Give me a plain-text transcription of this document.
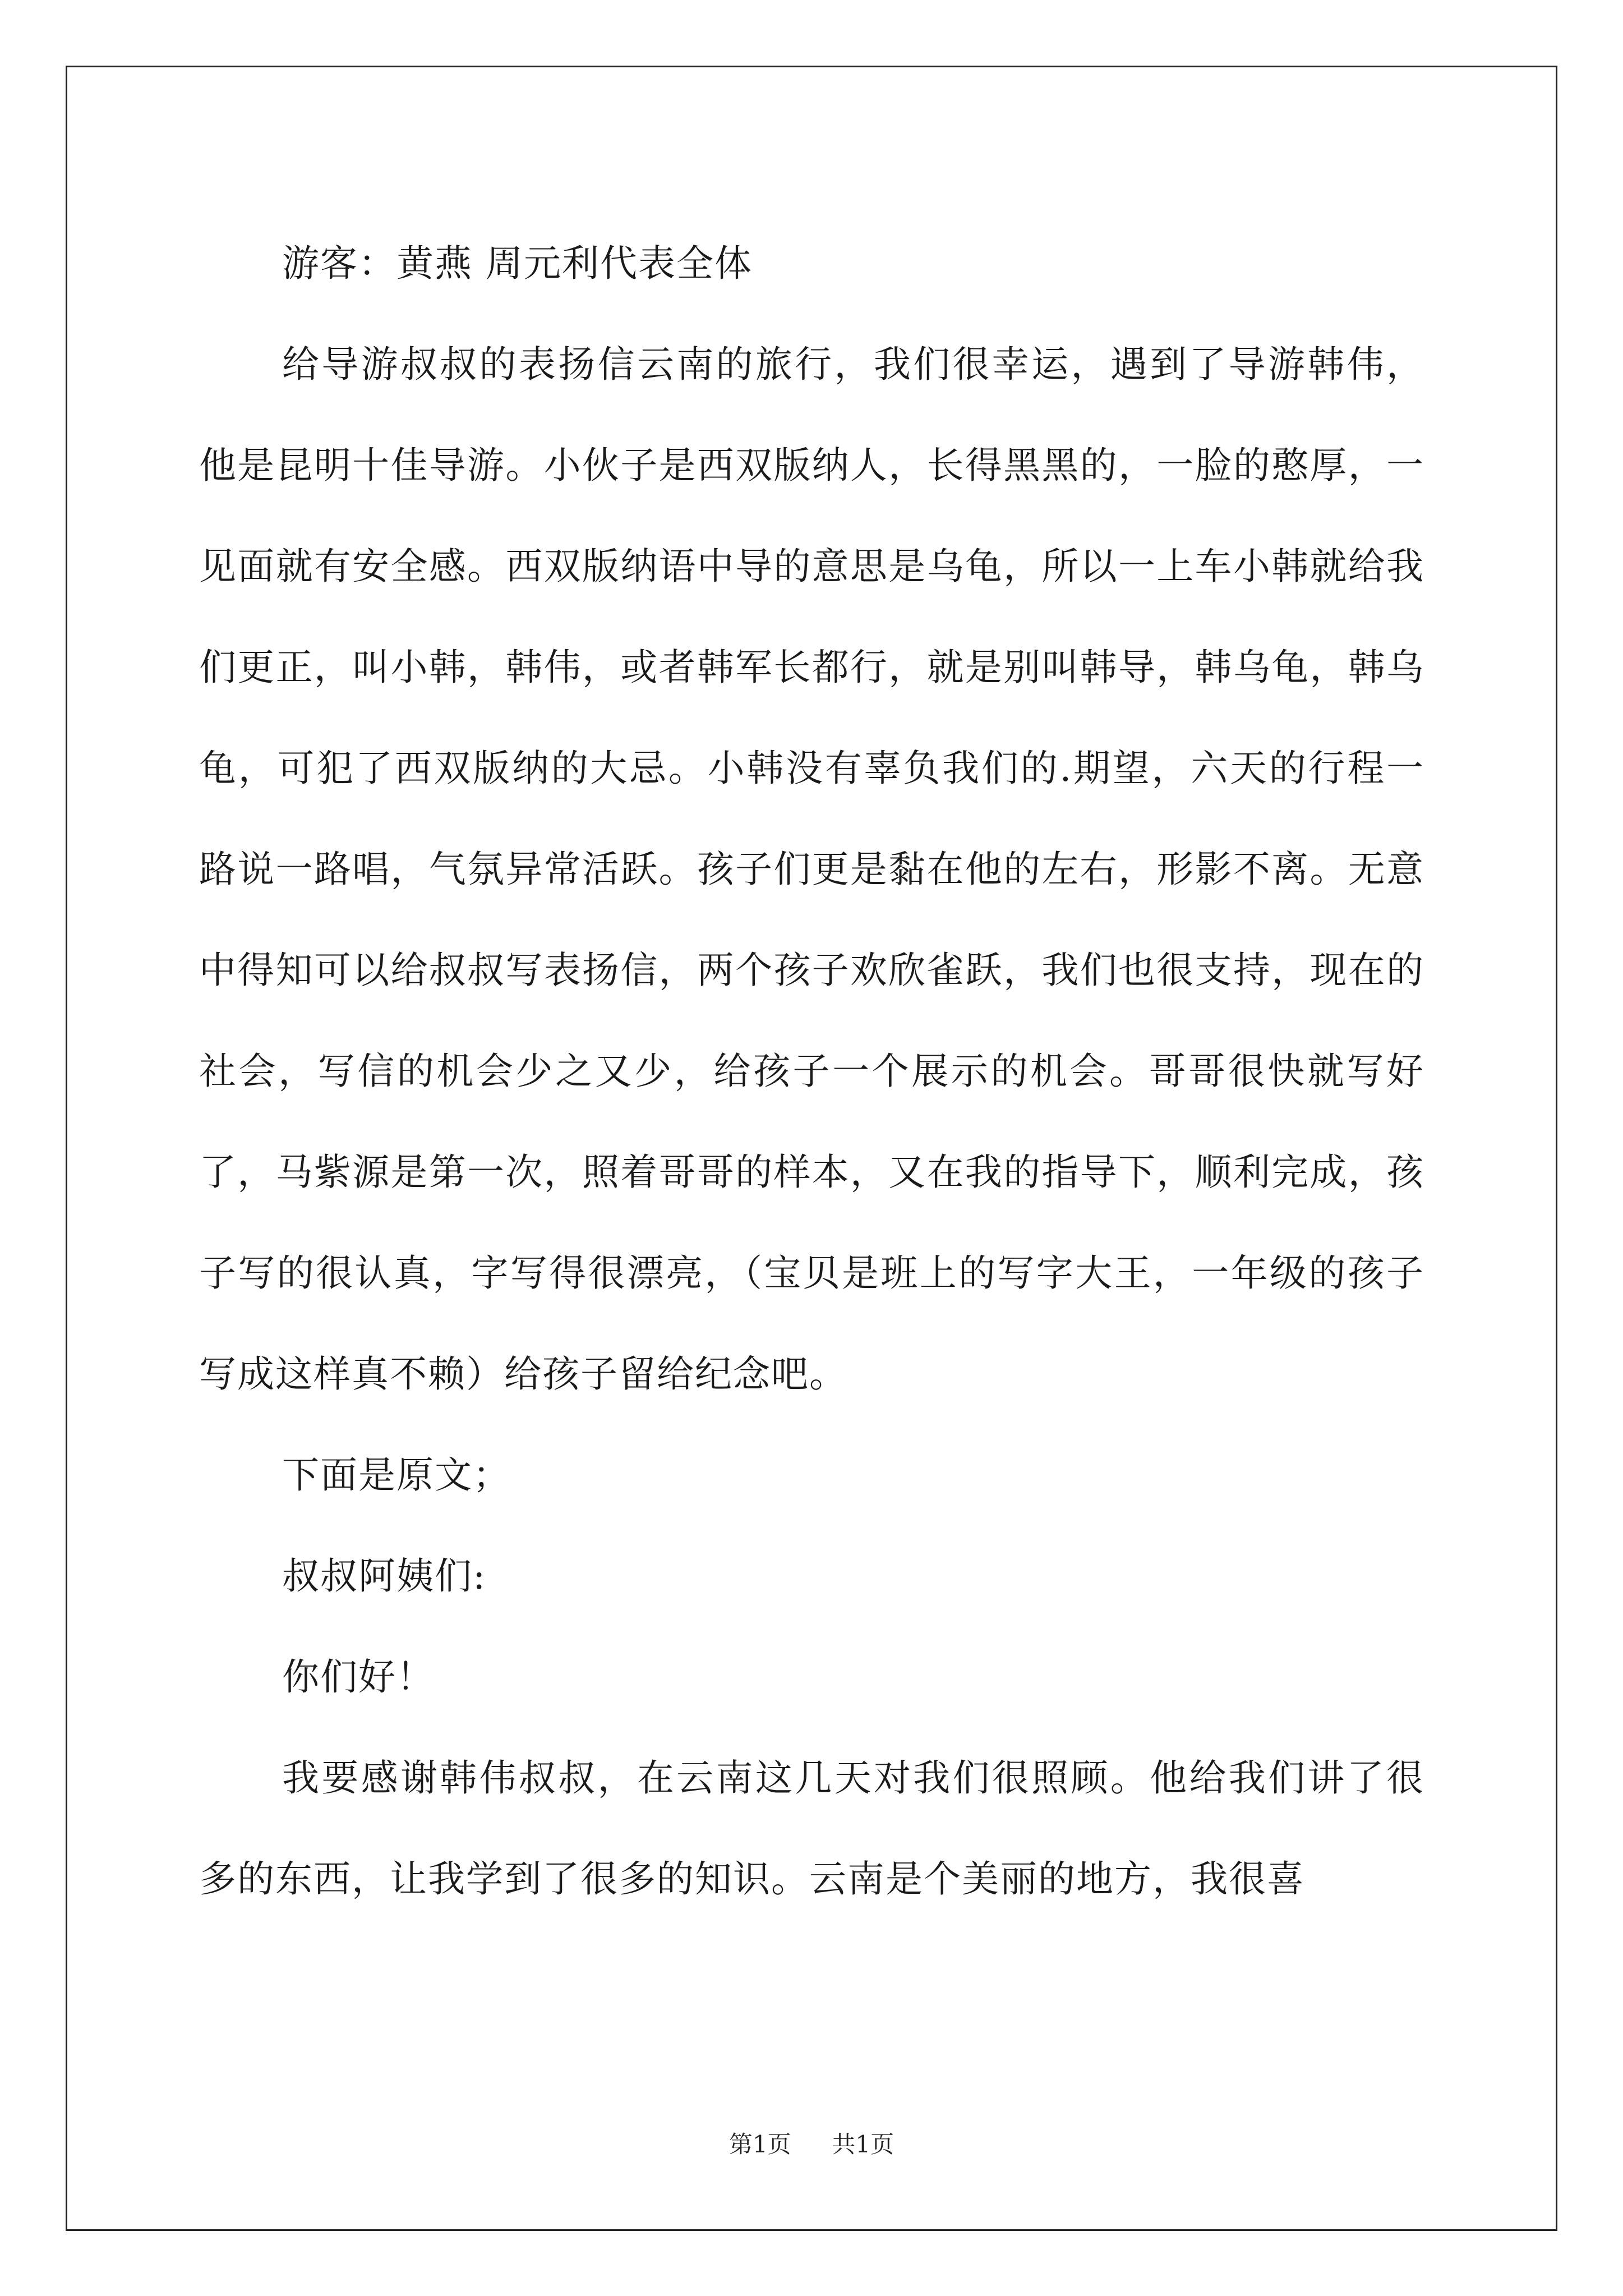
游客：黄燕 周元利代表全体

给导游叔叔的表扬信云南的旅行，我们很幸运，遇到了导游韩伟，他是昆明十佳导游。小伙子是西双版纳人，长得黑黑的，一脸的憨厚，一见面就有安全感。西双版纳语中导的意思是乌龟，所以一上车小韩就给我们更正，叫小韩，韩伟，或者韩军长都行，就是别叫韩导，韩乌龟，韩乌龟，可犯了西双版纳的大忌。小韩没有辜负我们的.期望，六天的行程一路说一路唱，气氛异常活跃。孩子们更是黏在他的左右，形影不离。无意中得知可以给叔叔写表扬信，两个孩子欢欣雀跃，我们也很支持，现在的社会，写信的机会少之又少，给孩子一个展示的机会。哥哥很快就写好了，马紫源是第一次，照着哥哥的样本，又在我的指导下，顺利完成，孩子写的很认真，字写得很漂亮，（宝贝是班上的写字大王，一年级的孩子写成这样真不赖）给孩子留给纪念吧。

下面是原文；

叔叔阿姨们:

你们好！

我要感谢韩伟叔叔，在云南这几天对我们很照顾。他给我们讲了很多的东西，让我学到了很多的知识。云南是个美丽的地方，我很喜

第1页 共1页
